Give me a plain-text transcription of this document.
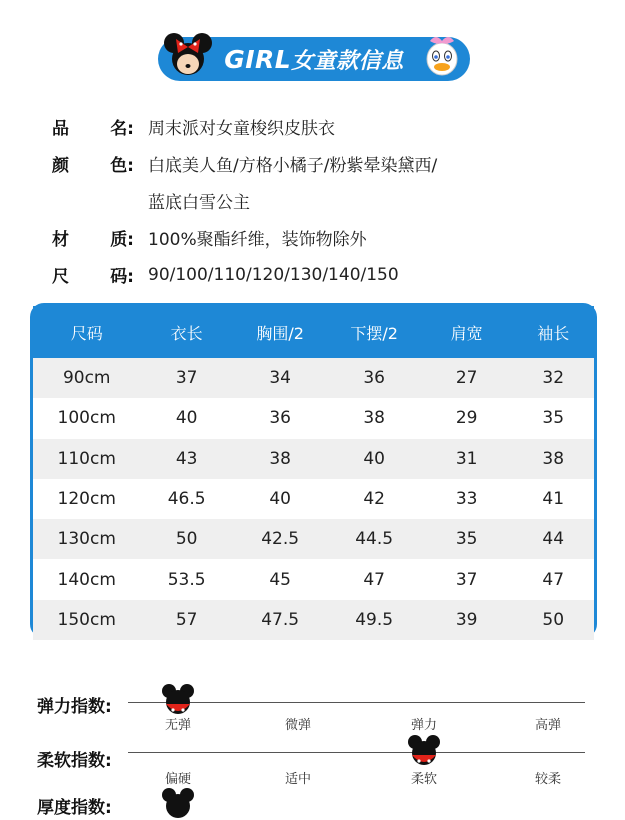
GIRL女童款信息
品 名: 周末派对女童梭织皮肤衣
颜 色: 白底美人鱼/方格小橘子/粉紫晕染黛西/
蓝底白雪公主
材 质: 100%聚酯纤维，装饰物除外
尺 码: 90/100/110/120/130/140/150
尺码	衣长	胸围/2	下摆/2	肩宽	袖长
90cm	37	34	36	27	32
100cm	40	36	38	29	35
110cm	43	38	40	31	38
120cm	46.5	40	42	33	41
130cm	50	42.5	44.5	35	44
140cm	53.5	45	47	37	47
150cm	57	47.5	49.5	39	50
弹力指数:
无弹	微弹	弹力	高弹
柔软指数:
偏硬	适中	柔软	较柔
厚度指数:
